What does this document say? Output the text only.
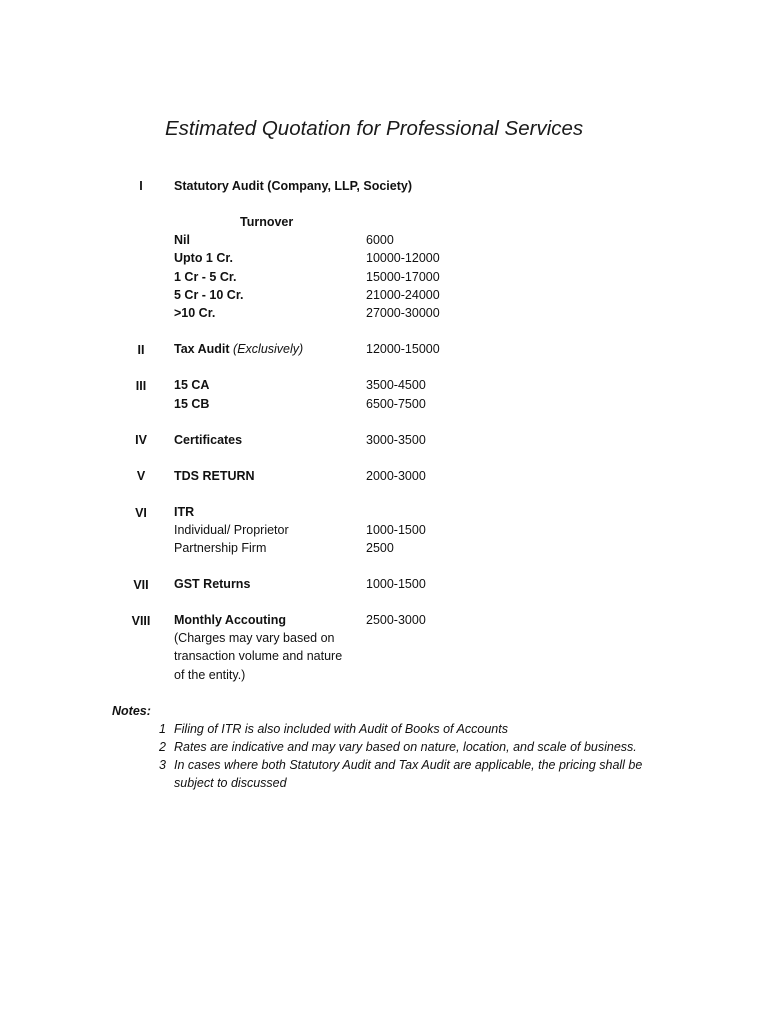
Estimated Quotation for Professional Services
I	Statutory Audit (Company, LLP, Society)
Turnover
Nil	6000
Upto 1 Cr.	10000-12000
1 Cr - 5 Cr.	15000-17000
5 Cr - 10 Cr.	21000-24000
>10 Cr.	27000-30000
II	Tax Audit (Exclusively)	12000-15000
III	15 CA	3500-4500
15 CB	6500-7500
IV	Certificates	3000-3500
V	TDS RETURN	2000-3000
VI	ITR
Individual/ Proprietor	1000-1500
Partnership Firm	2500
VII	GST Returns	1000-1500
VIII	Monthly Accouting	2500-3000
(Charges may vary based on
transaction volume and nature
of the entity.)
Notes:
1 Filing of ITR is also included with Audit of Books of Accounts
2 Rates are indicative and may vary based on nature, location, and scale of business.
3 In cases where both Statutory Audit and Tax Audit are applicable, the pricing shall be
subject to discussed
